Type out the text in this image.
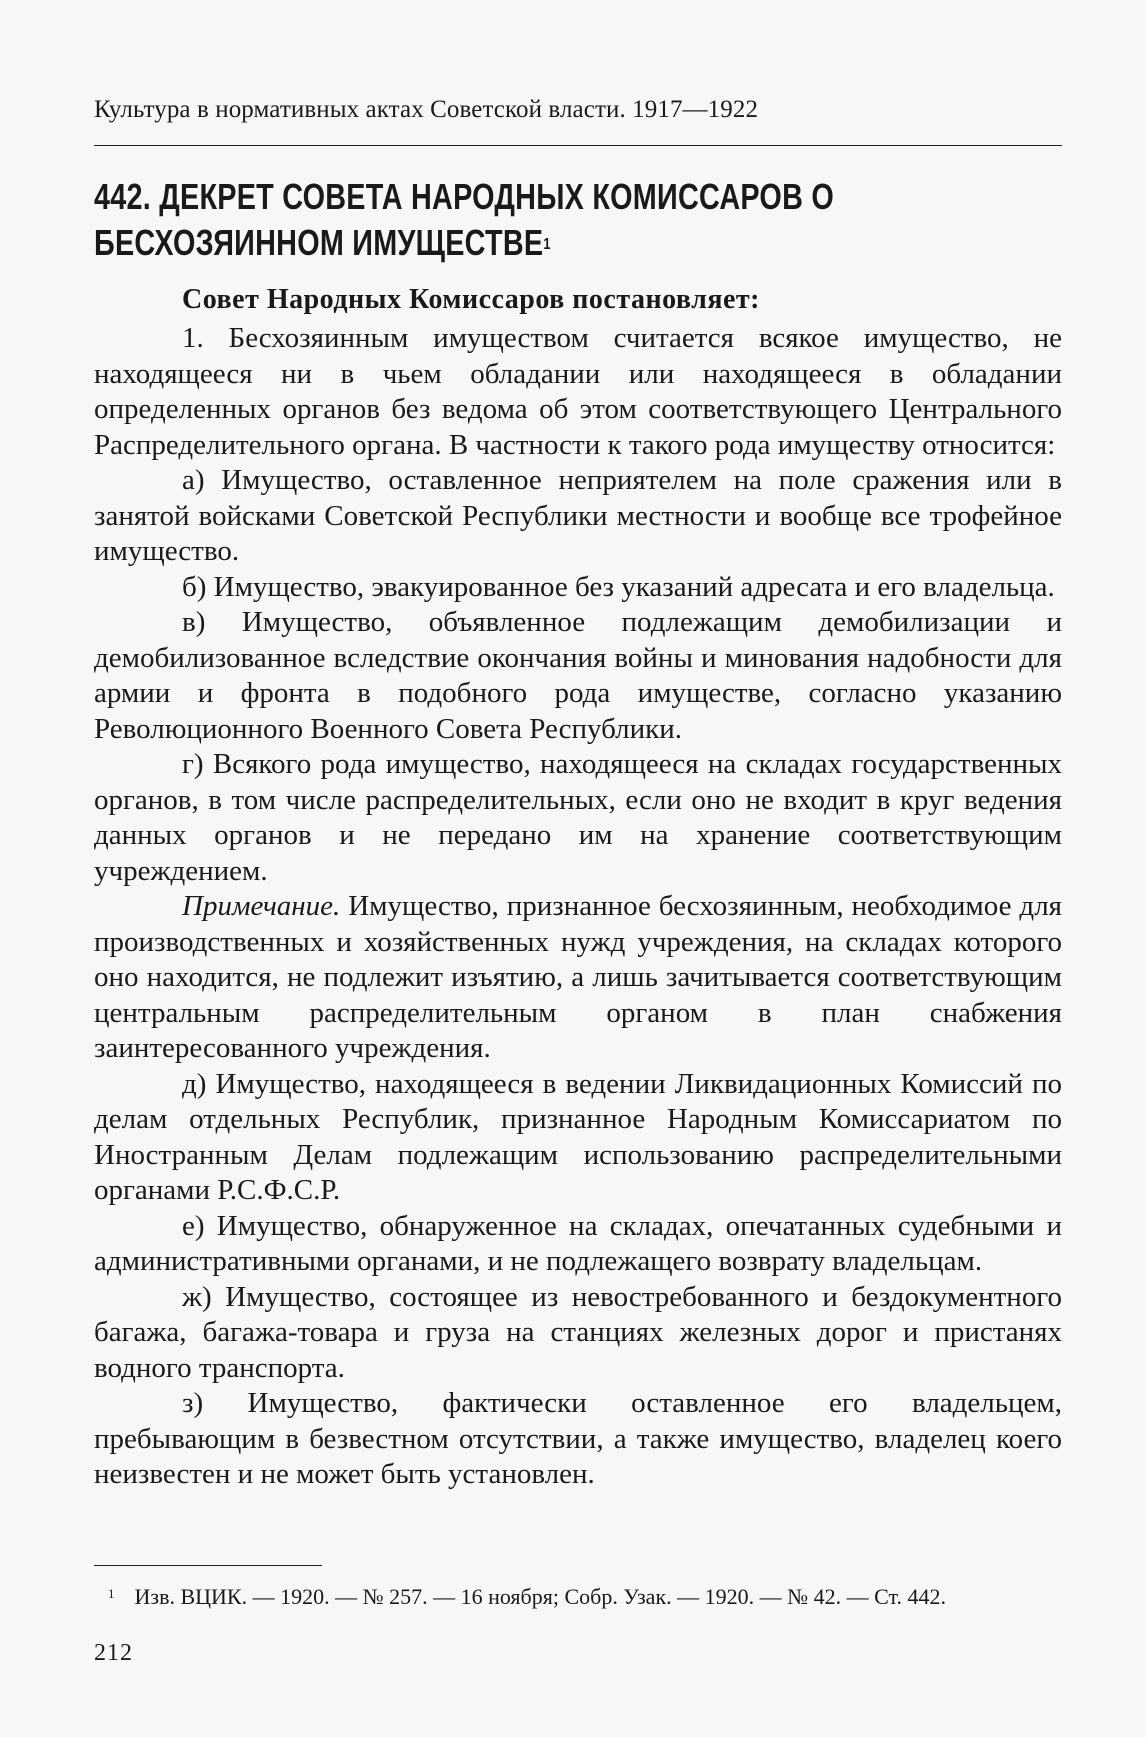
Культура в нормативных актах Советской власти. 1917—1922
442. ДЕКРЕТ СОВЕТА НАРОДНЫХ КОМИССАРОВ О БЕСХОЗЯИННОМ ИМУЩЕСТВЕ$^1$
Совет Народных Комиссаров постановляет:

1. Бесхозяинным имуществом считается всякое имущество, не находящееся ни в чьем обладании или находящееся в обладании определенных органов без ведома об этом соответствующего Центрального Распределительного органа. В частности к такого рода имуществу относится:

а) Имущество, оставленное неприятелем на поле сражения или в занятой войсками Советской Республики местности и вообще все трофейное имущество.

б) Имущество, эвакуированное без указаний адресата и его владельца.

в) Имущество, объявленное подлежащим демобилизации и демобилизованное вследствие окончания войны и минования надобности для армии и фронта в подобного рода имуществе, согласно указанию Революционного Военного Совета Республики.

г) Всякого рода имущество, находящееся на складах государственных органов, в том числе распределительных, если оно не входит в круг ведения данных органов и не передано им на хранение соответствующим учреждением.

Примечание. Имущество, признанное бесхозяинным, необходимое для производственных и хозяйственных нужд учреждения, на складах которого оно находится, не подлежит изъятию, а лишь зачитывается соответствующим центральным распределительным органом в план снабжения заинтересованного учреждения.

д) Имущество, находящееся в ведении Ликвидационных Комиссий по делам отдельных Республик, признанное Народным Комиссариатом по Иностранным Делам подлежащим использованию распределительными органами Р.С.Ф.С.Р.

е) Имущество, обнаруженное на складах, опечатанных судебными и административными органами, и не подлежащего возврату владельцам.

ж) Имущество, состоящее из невостребованного и бездокументного багажа, багажа-товара и груза на станциях железных дорог и пристанях водного транспорта.

з) Имущество, фактически оставленное его владельцем, пребывающим в безвестном отсутствии, а также имущество, владелец коего неизвестен и не может быть установлен.

$^1$ Изв. ВЦИК. — 1920. — № 257. — 16 ноября; Собр. Узак. — 1920. — № 42. — Ст. 442.
212
